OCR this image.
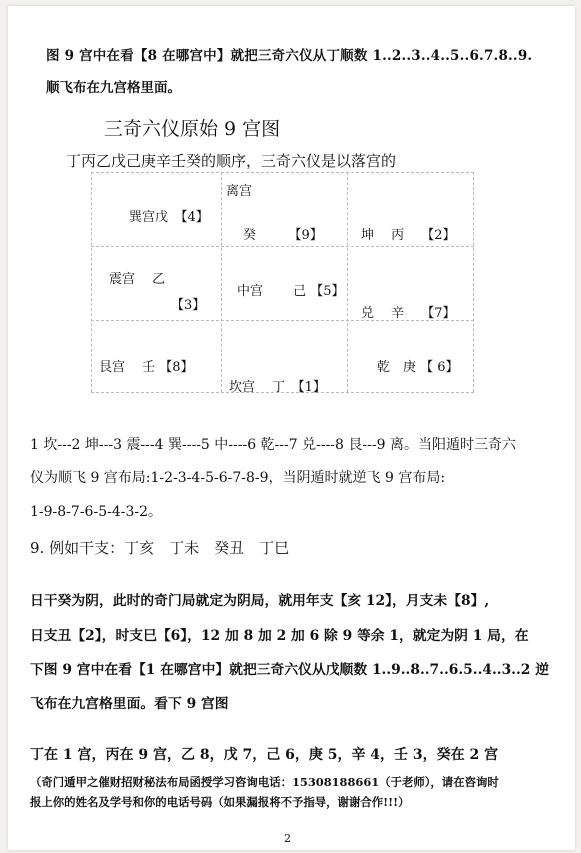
图 9 宫中在看【8 在哪宫中】就把三奇六仪从丁顺数 1..2..3..4..5..6.7.8..9.
顺飞布在九宫格里面。
三奇六仪原始 9 宫图
丁丙乙戊己庚辛壬癸的顺序，三奇六仪是以落宫的
离宫
巽宫戊　【4】
癸　　　【9】	坤　 丙　 【2】
震宫　 乙
【3】
中宫　　 己 【5】
兑　 辛　 【7】
艮宫　 壬 【8】	乾　庚 【 6】
坎宫　 丁　【1】
1 坎---2 坤---3 震---4 巽----5 中----6 乾---7 兑----8 艮---9 离。当阳遁时三奇六
仪为顺飞 9 宫布局:1-2-3-4-5-6-7-8-9，当阴遁时就逆飞 9 宫布局:
1-9-8-7-6-5-4-3-2。
9. 例如干支：丁亥　丁未　癸丑　丁巳
日干癸为阴，此时的奇门局就定为阴局，就用年支【亥 12】，月支未【8】,
日支丑【2】，时支巳【6】，12 加 8 加 2 加 6 除 9 等余 1，就定为阴 1 局，在
下图 9 宫中在看【1 在哪宫中】就把三奇六仪从戊顺数 1..9..8..7..6.5..4..3..2 逆
飞布在九宫格里面。看下 9 宫图
丁在 1 宫，丙在 9 宫，乙 8，戊 7，己 6，庚 5，辛 4，壬 3，癸在 2 宫
（奇门遁甲之催财招财秘法布局函授学习咨询电话：15308188661（于老师），请在咨询时
报上你的姓名及学号和你的电话号码（如果漏报将不予指导，谢谢合作!!!）
2
